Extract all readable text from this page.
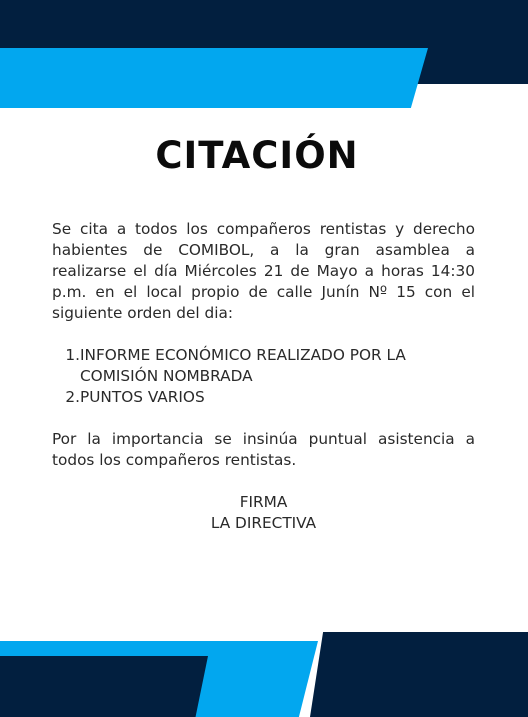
CITACIÓN
Se cita a todos los compañeros rentistas y derecho habientes de COMIBOL, a la gran asamblea a realizarse el día Miércoles 21 de Mayo a horas 14:30 p.m. en el local propio de calle Junín Nº 15 con el siguiente orden del dia:
1. INFORME ECONÓMICO REALIZADO POR LA COMISIÓN NOMBRADA
2. PUNTOS VARIOS
Por la importancia se insinúa puntual asistencia a todos los compañeros rentistas.
FIRMA
LA DIRECTIVA
